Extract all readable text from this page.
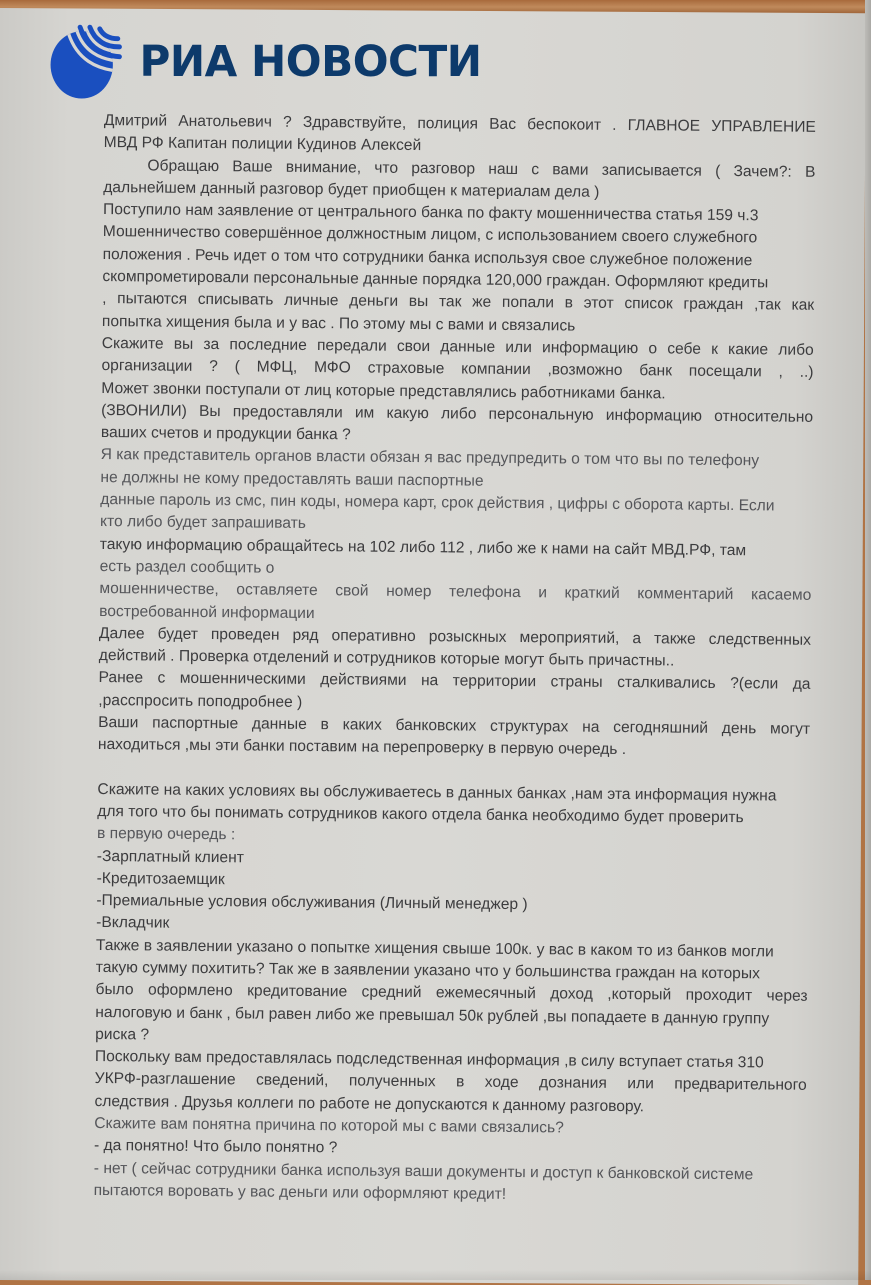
РИА НОВОСТИ
Дмитрий Анатольевич ? Здравствуйте, полиция Вас беспокоит . ГЛАВНОЕ УПРАВЛЕНИЕ
МВД РФ Капитан полиции Кудинов Алексей
Обращаю Ваше внимание, что разговор наш с вами записывается ( Зачем?: В
дальнейшем данный разговор будет приобщен к материалам дела )
Поступило нам заявление от центрального банка по факту мошенничества статья 159 ч.3
Мошенничество совершённое должностным лицом, с использованием своего служебного
положения . Речь идет о том что сотрудники банка используя свое служебное положение
скомпрометировали персональные данные порядка 120,000 граждан. Оформляют кредиты
, пытаются списывать личные деньги вы так же попали в этот список граждан ,так как
попытка хищения была и у вас . По этому мы с вами и связались
Скажите вы за последние передали свои данные или информацию о себе к какие либо
организации ? ( МФЦ, МФО страховые компании ,возможно банк посещали , ..)
Может звонки поступали от лиц которые представлялись работниками банка.
(ЗВОНИЛИ) Вы предоставляли им какую либо персональную информацию относительно
ваших счетов и продукции банка ?
Я как представитель органов власти обязан я вас предупредить о том что вы по телефону
не должны не кому предоставлять ваши паспортные
данные пароль из смс, пин коды, номера карт, срок действия , цифры с оборота карты. Если
кто либо будет запрашивать
такую информацию обращайтесь на 102 либо 112 , либо же к нами на сайт МВД.РФ, там
есть раздел сообщить о
мошенничестве, оставляете свой номер телефона и краткий комментарий касаемо
востребованной информации
Далее будет проведен ряд оперативно розыскных мероприятий, а также следственных
действий . Проверка отделений и сотрудников которые могут быть причастны..
Ранее с мошенническими действиями на территории страны сталкивались ?(если да
,расспросить поподробнее )
Ваши паспортные данные в каких банковских структурах на сегодняшний день могут
находиться ,мы эти банки поставим на перепроверку в первую очередь .
Скажите на каких условиях вы обслуживаетесь в данных банках ,нам эта информация нужна
для того что бы понимать сотрудников какого отдела банка необходимо будет проверить
в первую очередь :
-Зарплатный клиент
-Кредитозаемщик
-Премиальные условия обслуживания (Личный менеджер )
-Вкладчик
Также в заявлении указано о попытке хищения свыше 100к. у вас в каком то из банков могли
такую сумму похитить? Так же в заявлении указано что у большинства граждан на которых
было оформлено кредитование средний ежемесячный доход ,который проходит через
налоговую и банк , был равен либо же превышал 50к рублей ,вы попадаете в данную группу
риска ?
Поскольку вам предоставлялась подследственная информация ,в силу вступает статья 310
УКРФ-разглашение сведений, полученных в ходе дознания или предварительного
следствия . Друзья коллеги по работе не допускаются к данному разговору.
Скажите вам понятна причина по которой мы с вами связались?
- да понятно! Что было понятно ?
- нет ( сейчас сотрудники банка используя ваши документы и доступ к банковской системе
пытаются воровать у вас деньги или оформляют кредит!
